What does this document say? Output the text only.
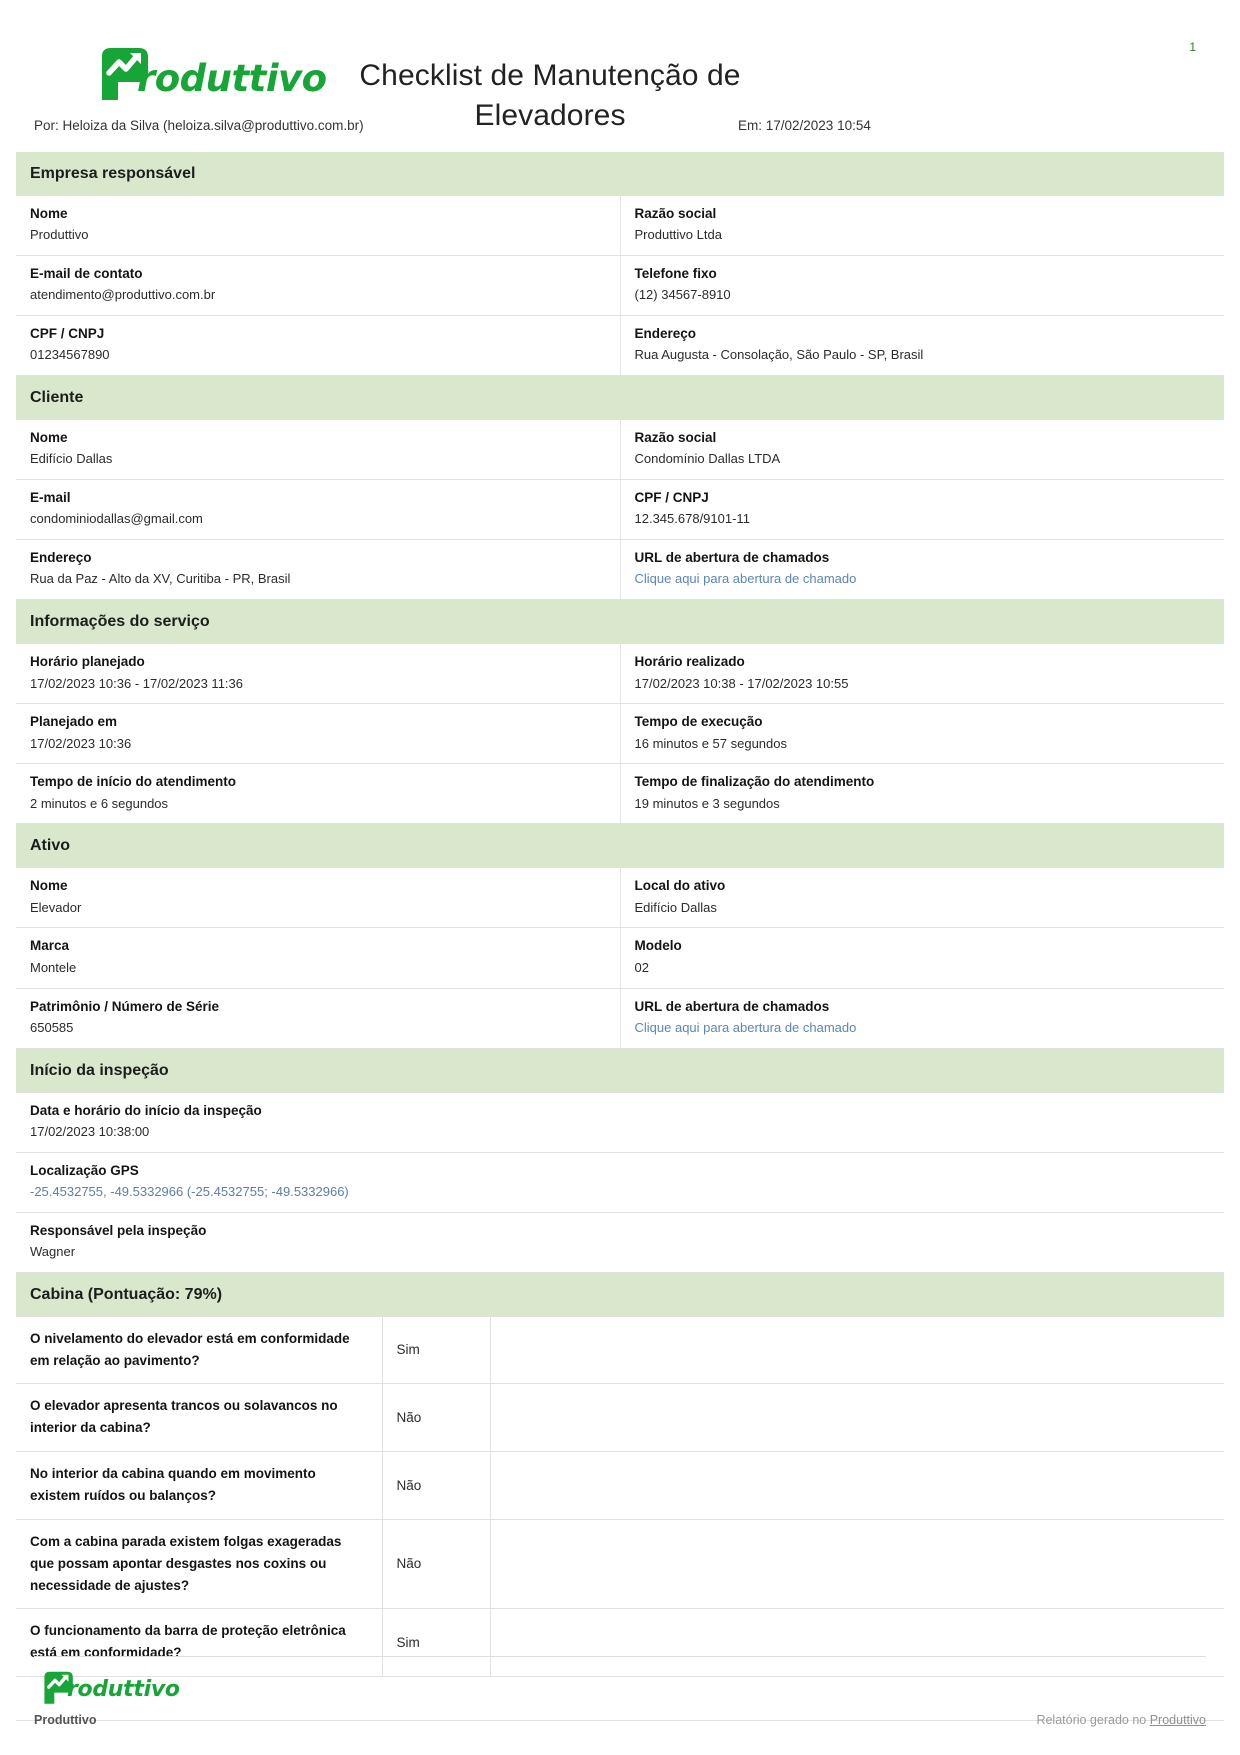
roduttivo	Checklist de Manutenção de Elevadores
1
Por: Heloiza da Silva (heloiza.silva@produttivo.com.br)	Em: 17/02/2023 10:54
Empresa responsável
Nome
Produttivo

Razão social
Produttivo Ltda

E-mail de contato
atendimento@produttivo.com.br

Telefone fixo
(12) 34567-8910

CPF / CNPJ
01234567890

Endereço
Rua Augusta - Consolação, São Paulo - SP, Brasil
Cliente
Nome
Edifício Dallas

Razão social
Condomínio Dallas LTDA

E-mail
condominiodallas@gmail.com

CPF / CNPJ
12.345.678/9101-11

Endereço
Rua da Paz - Alto da XV, Curitiba - PR, Brasil

URL de abertura de chamados
Clique aqui para abertura de chamado
Informações do serviço
Horário planejado
17/02/2023 10:36 - 17/02/2023 11:36

Horário realizado
17/02/2023 10:38 - 17/02/2023 10:55

Planejado em
17/02/2023 10:36

Tempo de execução
16 minutos e 57 segundos

Tempo de início do atendimento
2 minutos e 6 segundos

Tempo de finalização do atendimento
19 minutos e 3 segundos
Ativo
Nome
Elevador

Local do ativo
Edifício Dallas

Marca
Montele

Modelo
02

Patrimônio / Número de Série
650585

URL de abertura de chamados
Clique aqui para abertura de chamado
Início da inspeção
Data e horário do início da inspeção
17/02/2023 10:38:00

Localização GPS
-25.4532755, -49.5332966 (-25.4532755; -49.5332966)

Responsável pela inspeção
Wagner
Cabina (Pontuação: 79%)
O nivelamento do elevador está em conformidade em relação ao pavimento?	Sim	
O elevador apresenta trancos ou solavancos no interior da cabina?	Não	
No interior da cabina quando em movimento existem ruídos ou balanços?	Não	
Com a cabina parada existem folgas exageradas que possam apontar desgastes nos coxins ou necessidade de ajustes?	Não	
O funcionamento da barra de proteção eletrônica está em conformidade?	Sim	

roduttivo
Produttivo	Relatório gerado no Produttivo
